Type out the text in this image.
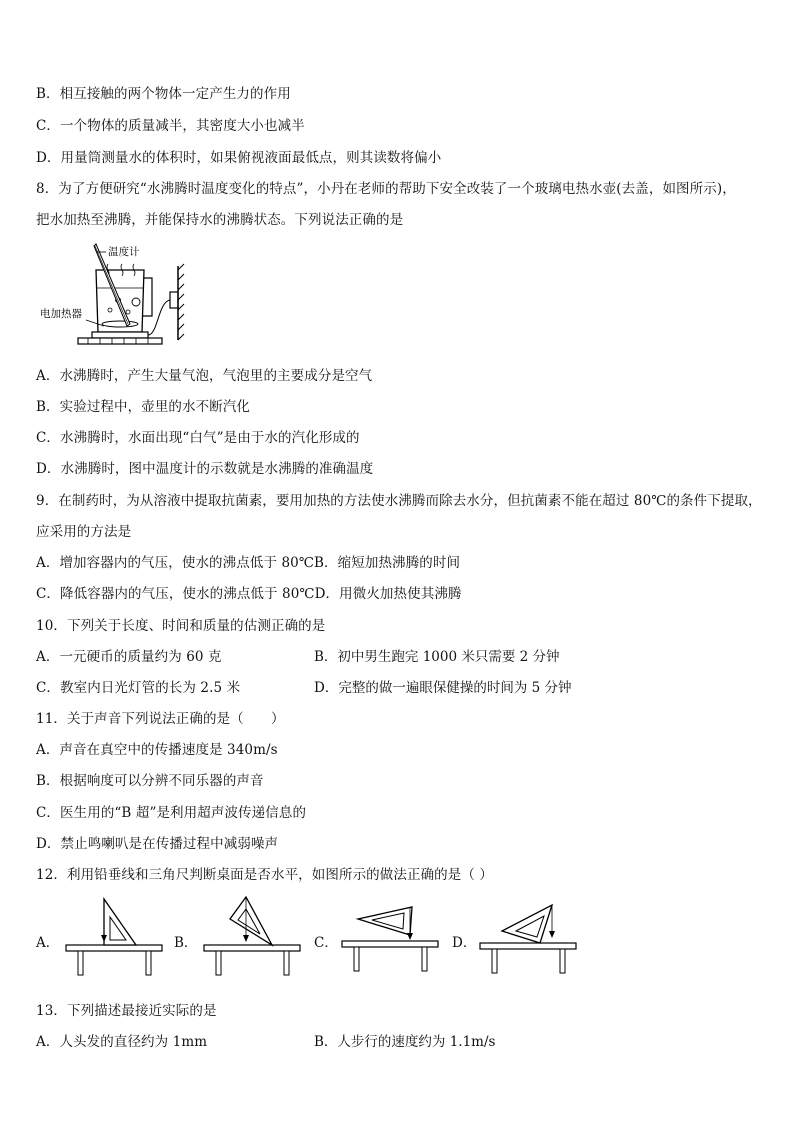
B．相互接触的两个物体一定产生力的作用
C．一个物体的质量减半，其密度大小也减半
D．用量筒测量水的体积时，如果俯视液面最低点，则其读数将偏小
8．为了方便研究“水沸腾时温度变化的特点”，小丹在老师的帮助下安全改装了一个玻璃电热水壶(去盖，如图所示)，
把水加热至沸腾，并能保持水的沸腾状态。下列说法正确的是
温度计
电加热器
A．水沸腾时，产生大量气泡，气泡里的主要成分是空气
B．实验过程中，壶里的水不断汽化
C．水沸腾时，水面出现“白气”是由于水的汽化形成的
D．水沸腾时，图中温度计的示数就是水沸腾的准确温度
9．在制药时，为从溶液中提取抗菌素，要用加热的方法使水沸腾而除去水分，但抗菌素不能在超过 80℃的条件下提取，
应采用的方法是
A．增加容器内的气压，使水的沸点低于 80℃B．缩短加热沸腾的时间
C．降低容器内的气压，使水的沸点低于 80℃D．用微火加热使其沸腾
10．下列关于长度、时间和质量的估测正确的是
A．一元硬币的质量约为 60 克	B．初中男生跑完 1000 米只需要 2 分钟
C．教室内日光灯管的长为 2.5 米	D．完整的做一遍眼保健操的时间为 5 分钟
11．关于声音下列说法正确的是（　　）
A．声音在真空中的传播速度是 340m/s
B．根据响度可以分辨不同乐器的声音
C．医生用的“B 超”是利用超声波传递信息的
D．禁止鸣喇叭是在传播过程中减弱噪声
12．利用铅垂线和三角尺判断桌面是否水平，如图所示的做法正确的是（ ）
A．	B．	C．	D．
13．下列描述最接近实际的是
A．人头发的直径约为 1mm	B．人步行的速度约为 1.1m/s
